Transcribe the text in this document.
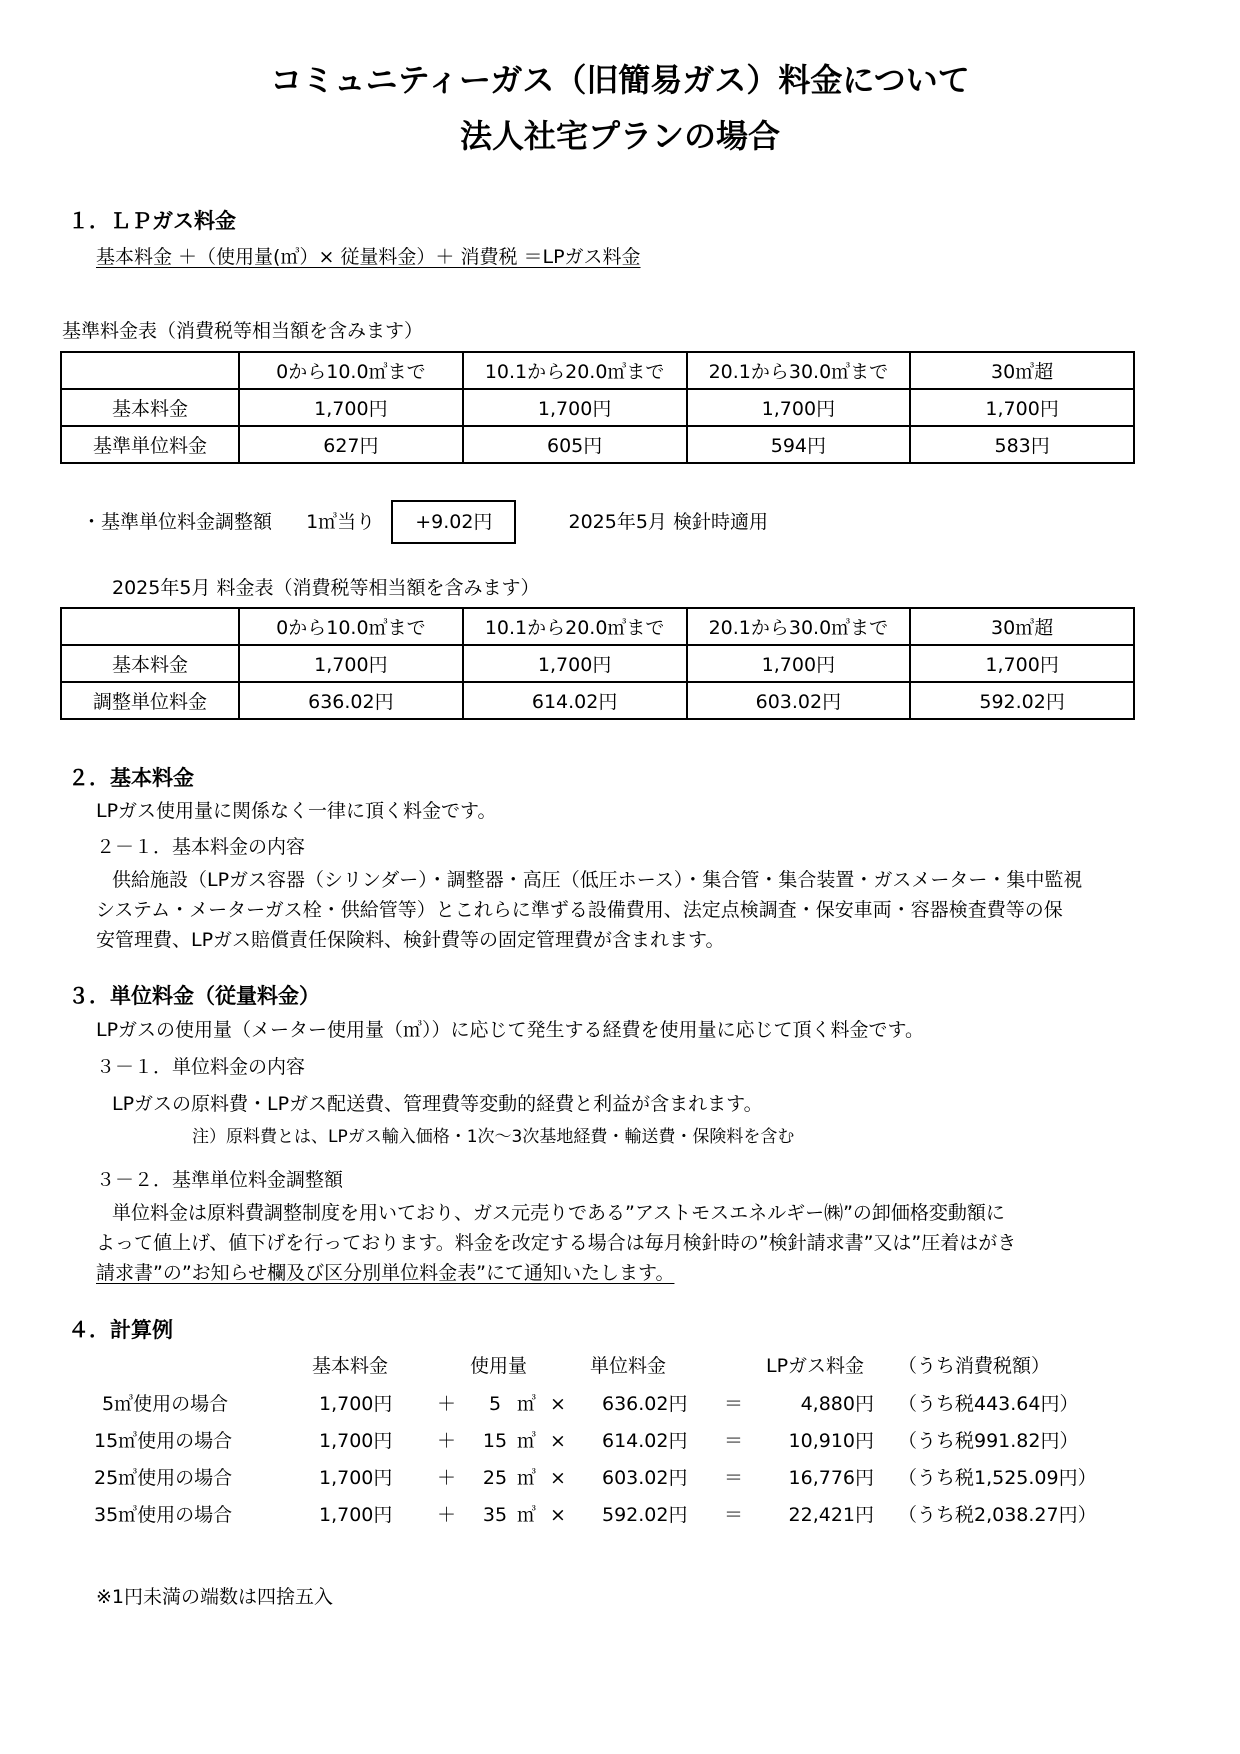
コミュニティーガス（旧簡易ガス）料金について
法人社宅プランの場合
１．ＬＰガス料金
基本料金 ＋（使用量(㎥）× 従量料金）＋ 消費税 ＝LPガス料金
基準料金表（消費税等相当額を含みます）
	0から10.0㎥まで	10.1から20.0㎥まで	20.1から30.0㎥まで	30㎥超
基本料金	1,700円	1,700円	1,700円	1,700円
基準単位料金	627円	605円	594円	583円
・基準単位料金調整額 1㎥当り +9.02円	2025年5月 検針時適用
2025年5月 料金表（消費税等相当額を含みます）
	0から10.0㎥まで	10.1から20.0㎥まで	20.1から30.0㎥まで	30㎥超
基本料金	1,700円	1,700円	1,700円	1,700円
調整単位料金	636.02円	614.02円	603.02円	592.02円
２．基本料金
LPガス使用量に関係なく一律に頂く料金です。
２－１．基本料金の内容
供給施設（LPガス容器（シリンダー）・調整器・高圧（低圧ホース）・集合管・集合装置・ガスメーター・集中監視
システム・メーターガス栓・供給管等）とこれらに準ずる設備費用、法定点検調査・保安車両・容器検査費等の保
安管理費、LPガス賠償責任保険料、検針費等の固定管理費が含まれます。
３．単位料金（従量料金）
LPガスの使用量（メーター使用量（㎥））に応じて発生する経費を使用量に応じて頂く料金です。
３－１．単位料金の内容
LPガスの原料費・LPガス配送費、管理費等変動的経費と利益が含まれます。
注）原料費とは、LPガス輸入価格・1次～3次基地経費・輸送費・保険料を含む
３－２．基準単位料金調整額
単位料金は原料費調整制度を用いており、ガス元売りである”アストモスエネルギー㈱”の卸価格変動額に
よって値上げ、値下げを行っております。料金を改定する場合は毎月検針時の”検針請求書”又は”圧着はがき
請求書”の”お知らせ欄及び区分別単位料金表”にて通知いたします。
４．計算例
基本料金	使用量	単位料金	LPガス料金 （うち消費税額）
5㎥使用の場合	1,700円 ＋	5 ㎥ × 636.02円 ＝	4,880円 （うち税443.64円）
15㎥使用の場合	1,700円 ＋ 15 ㎥ × 614.02円 ＝	10,910円 （うち税991.82円）
25㎥使用の場合	1,700円 ＋ 25 ㎥ × 603.02円 ＝	16,776円 （うち税1,525.09円）
35㎥使用の場合	1,700円 ＋ 35 ㎥ × 592.02円 ＝	22,421円 （うち税2,038.27円）
※1円未満の端数は四捨五入
